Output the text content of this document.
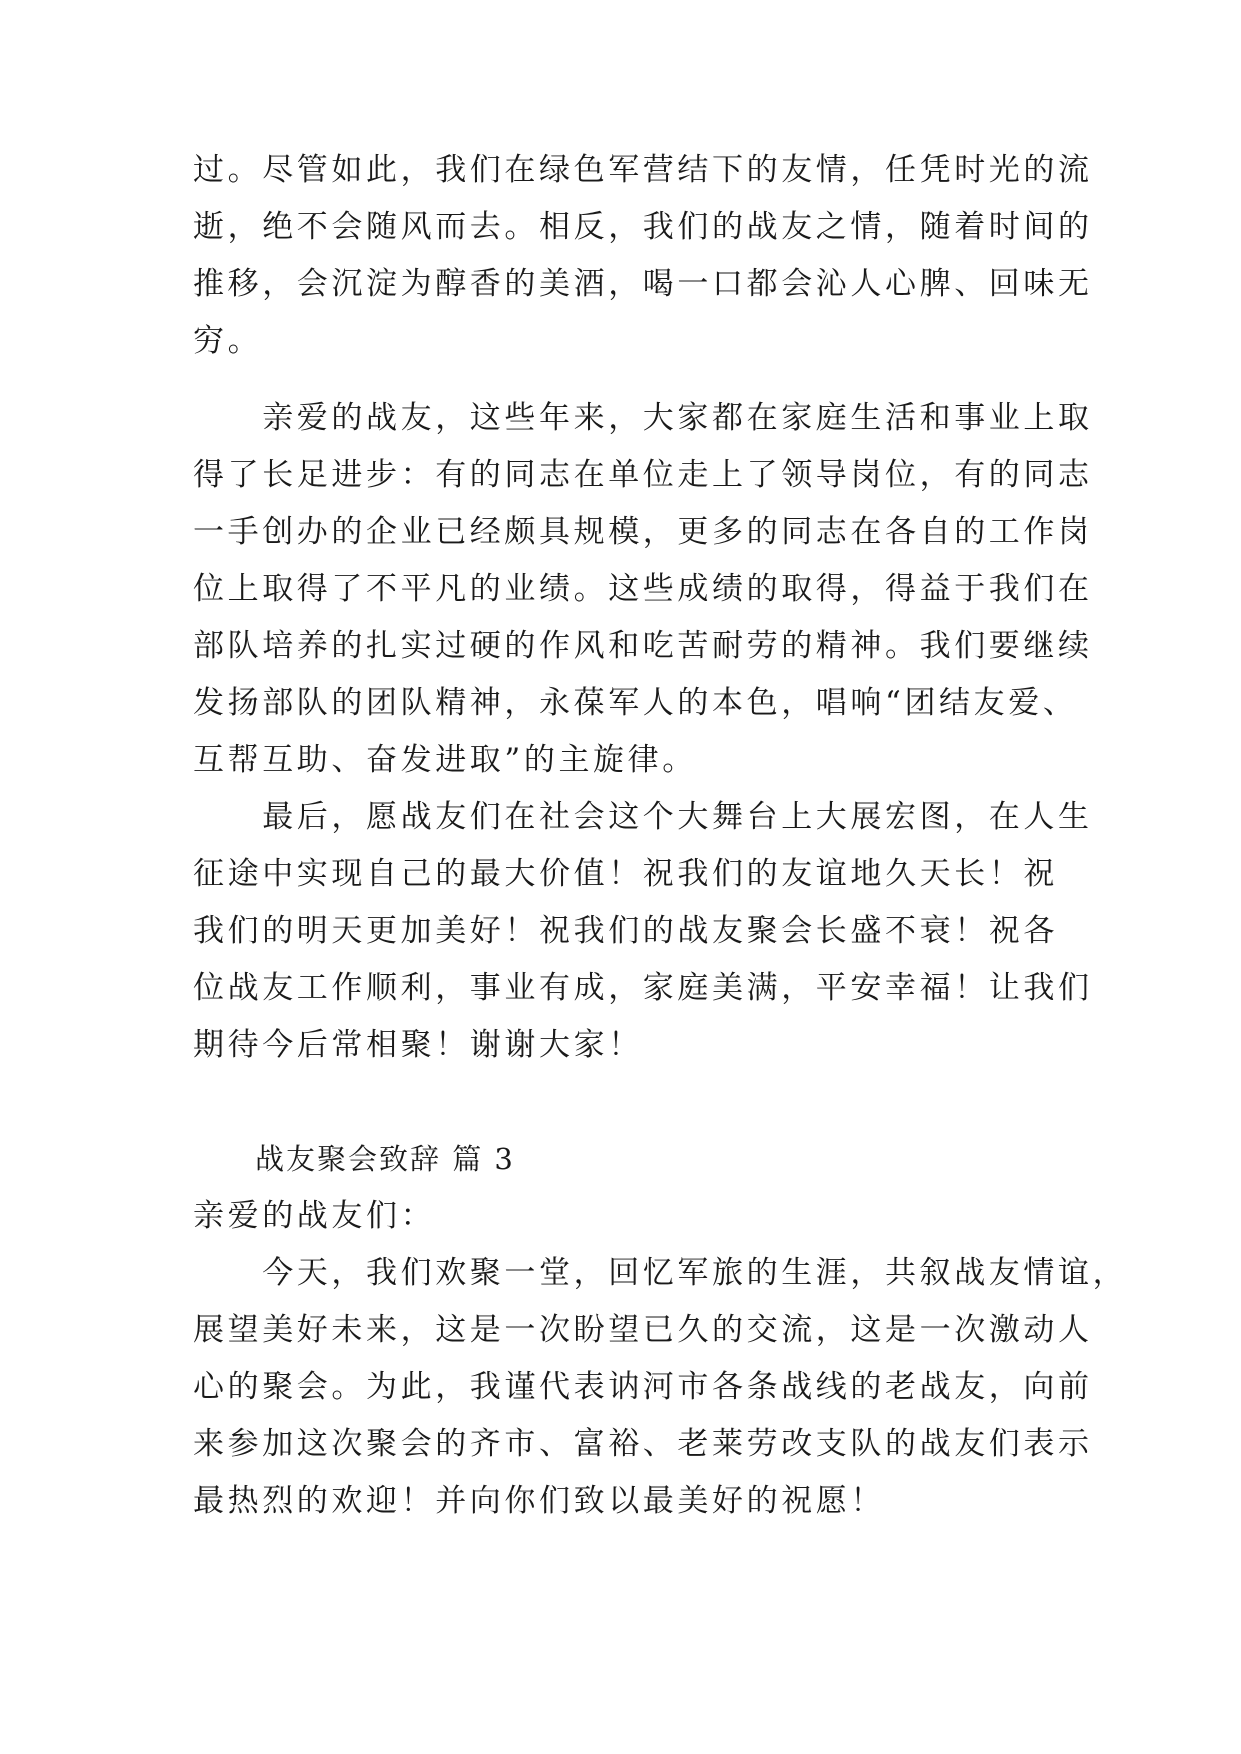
过。尽管如此，我们在绿色军营结下的友情，任凭时光的流
逝，绝不会随风而去。相反，我们的战友之情，随着时间的
推移，会沉淀为醇香的美酒，喝一口都会沁人心脾、回味无
穷。
　　亲爱的战友，这些年来，大家都在家庭生活和事业上取
得了长足进步：有的同志在单位走上了领导岗位，有的同志
一手创办的企业已经颇具规模，更多的同志在各自的工作岗
位上取得了不平凡的业绩。这些成绩的取得，得益于我们在
部队培养的扎实过硬的作风和吃苦耐劳的精神。我们要继续
发扬部队的团队精神，永葆军人的本色，唱响“团结友爱、
互帮互助、奋发进取”的主旋律。
　　最后，愿战友们在社会这个大舞台上大展宏图，在人生
征途中实现自己的最大价值！祝我们的友谊地久天长！祝
我们的明天更加美好！祝我们的战友聚会长盛不衰！祝各
位战友工作顺利，事业有成，家庭美满，平安幸福！让我们
期待今后常相聚！谢谢大家！
战友聚会致辞 篇 3
亲爱的战友们：
　　今天，我们欢聚一堂，回忆军旅的生涯，共叙战友情谊，
展望美好未来，这是一次盼望已久的交流，这是一次激动人
心的聚会。为此，我谨代表讷河市各条战线的老战友，向前
来参加这次聚会的齐市、富裕、老莱劳改支队的战友们表示
最热烈的欢迎！并向你们致以最美好的祝愿！
